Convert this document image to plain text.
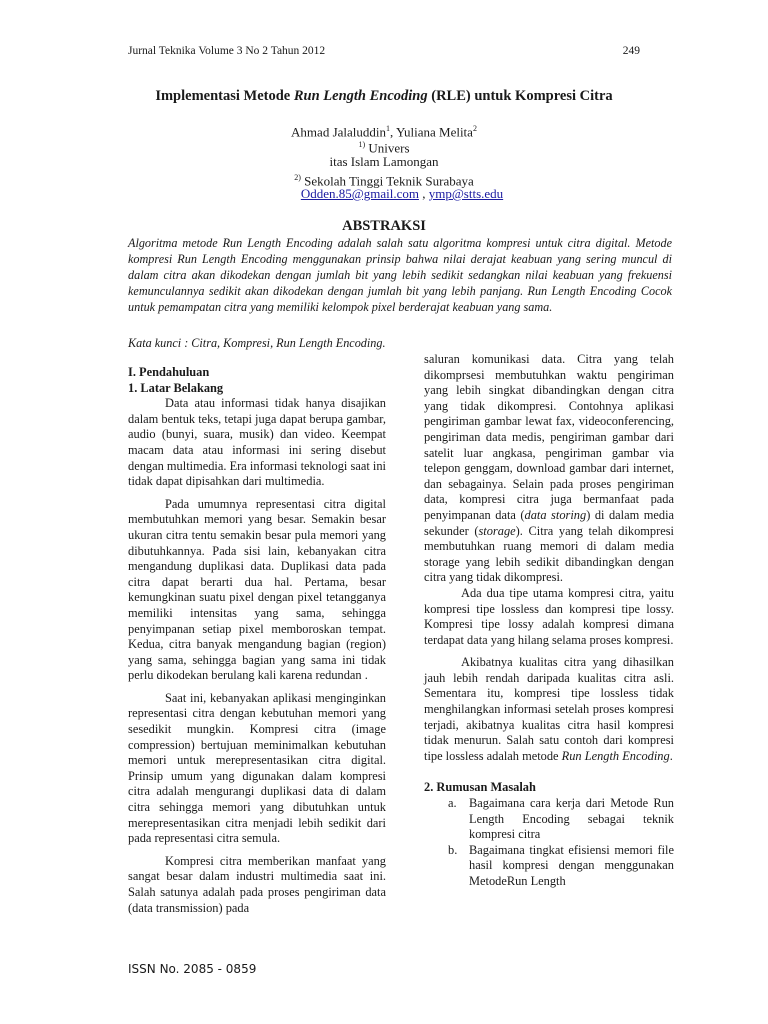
Jurnal Teknika Volume 3 No 2 Tahun 2012	249
Implementasi Metode Run Length Encoding (RLE) untuk Kompresi Citra
Ahmad Jalaluddin$^1$, Yuliana Melita$^2$
$^{1)}$ Univers
itas Islam Lamongan
$^{2)}$ Sekolah Tinggi Teknik Surabaya
Odden.85@gmail.com , ymp@stts.edu
ABSTRAKSI
Algoritma metode Run Length Encoding adalah salah satu algoritma kompresi untuk citra digital. Metode kompresi Run Length Encoding menggunakan prinsip bahwa nilai derajat keabuan yang sering muncul di dalam citra akan dikodekan dengan jumlah bit yang lebih sedikit sedangkan nilai keabuan yang frekuensi kemunculannya sedikit akan dikodekan dengan jumlah bit yang lebih panjang. Run Length Encoding Cocok untuk pemampatan citra yang memiliki kelompok pixel berderajat keabuan yang sama.
Kata kunci : Citra, Kompresi, Run Length Encoding.

I. Pendahuluan

1. Latar Belakang

Data atau informasi tidak hanya disajikan dalam bentuk teks, tetapi juga dapat berupa gambar, audio (bunyi, suara, musik) dan video. Keempat macam data atau informasi ini sering disebut dengan multimedia. Era informasi teknologi saat ini tidak dapat dipisahkan dari multimedia.

Pada umumnya representasi citra digital membutuhkan memori yang besar. Semakin besar ukuran citra tentu semakin besar pula memori yang dibutuhkannya. Pada sisi lain, kebanyakan citra mengandung duplikasi data. Duplikasi data pada citra dapat berarti dua hal. Pertama, besar kemungkinan suatu pixel dengan pixel tetangganya memiliki intensitas yang sama, sehingga penyimpanan setiap pixel memboroskan tempat. Kedua, citra banyak mengandung bagian (region) yang sama, sehingga bagian yang sama ini tidak perlu dikodekan berulang kali karena redundan .

Saat ini, kebanyakan aplikasi menginginkan representasi citra dengan kebutuhan memori yang sesedikit mungkin. Kompresi citra (image compression) bertujuan meminimalkan kebutuhan memori untuk merepresentasikan citra digital. Prinsip umum yang digunakan dalam kompresi citra adalah mengurangi duplikasi data di dalam citra sehingga memori yang dibutuhkan untuk merepresentasikan citra menjadi lebih sedikit dari pada representasi citra semula.

Kompresi citra memberikan manfaat yang sangat besar dalam industri multimedia saat ini. Salah satunya adalah pada proses pengiriman data (data transmission) pada

saluran komunikasi data. Citra yang telah dikomprsesi membutuhkan waktu pengiriman yang lebih singkat dibandingkan dengan citra yang tidak dikompresi. Contohnya aplikasi pengiriman gambar lewat fax, videoconferencing, pengiriman data medis, pengiriman gambar dari satelit luar angkasa, pengiriman gambar via telepon genggam, download gambar dari internet, dan sebagainya. Selain pada proses pengiriman data, kompresi citra juga bermanfaat pada penyimpanan data (data storing) di dalam media sekunder (storage). Citra yang telah dikompresi membutuhkan ruang memori di dalam media storage yang lebih sedikit dibandingkan dengan citra yang tidak dikompresi.

Ada dua tipe utama kompresi citra, yaitu kompresi tipe lossless dan kompresi tipe lossy. Kompresi tipe lossy adalah kompresi dimana terdapat data yang hilang selama proses kompresi.

Akibatnya kualitas citra yang dihasilkan jauh lebih rendah daripada kualitas citra asli. Sementara itu, kompresi tipe lossless tidak menghilangkan informasi setelah proses kompresi terjadi, akibatnya kualitas citra hasil kompresi tidak menurun. Salah satu contoh dari kompresi tipe lossless adalah metode Run Length Encoding.

2. Rumusan Masalah

a. Bagaimana cara kerja dari Metode Run Length Encoding sebagai teknik kompresi citra
b. Bagaimana tingkat efisiensi memori file hasil kompresi dengan menggunakan MetodeRun Length
ISSN No. 2085 - 0859
